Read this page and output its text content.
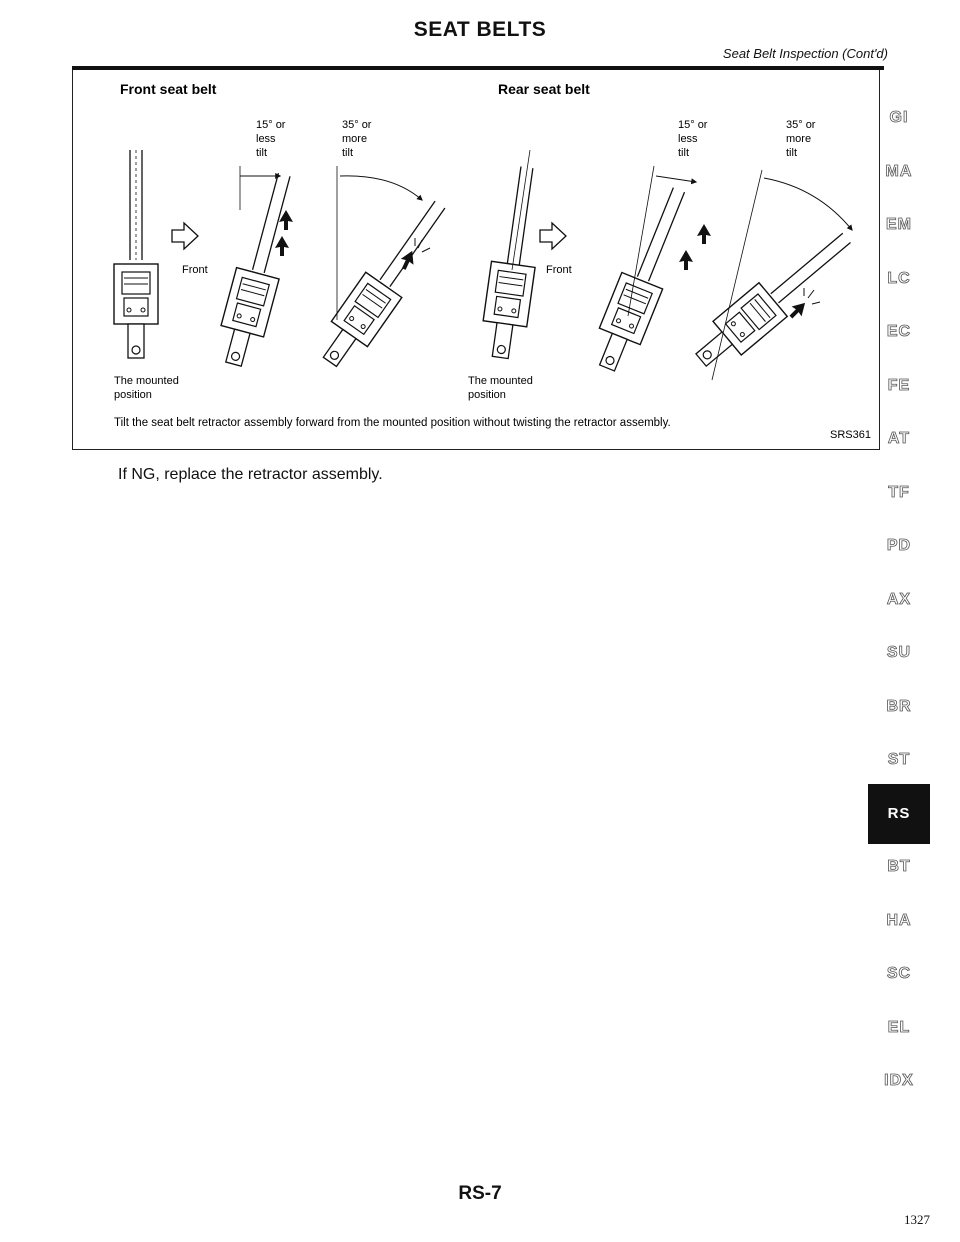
SEAT BELTS
Seat Belt Inspection (Cont'd)
Front seat belt	Rear seat belt
Front
15° or less tilt
35° or more tilt
The mounted position
Front
15° or less tilt
35° or more tilt
The mounted position
Tilt the seat belt retractor assembly forward from the mounted position without twisting the retractor assembly.
SRS361
If NG, replace the retractor assembly.
GI
MA
EM
LC
EC
FE
AT
TF
PD
AX
SU
BR
ST
RS
BT
HA
SC
EL
IDX
RS-7
1327
